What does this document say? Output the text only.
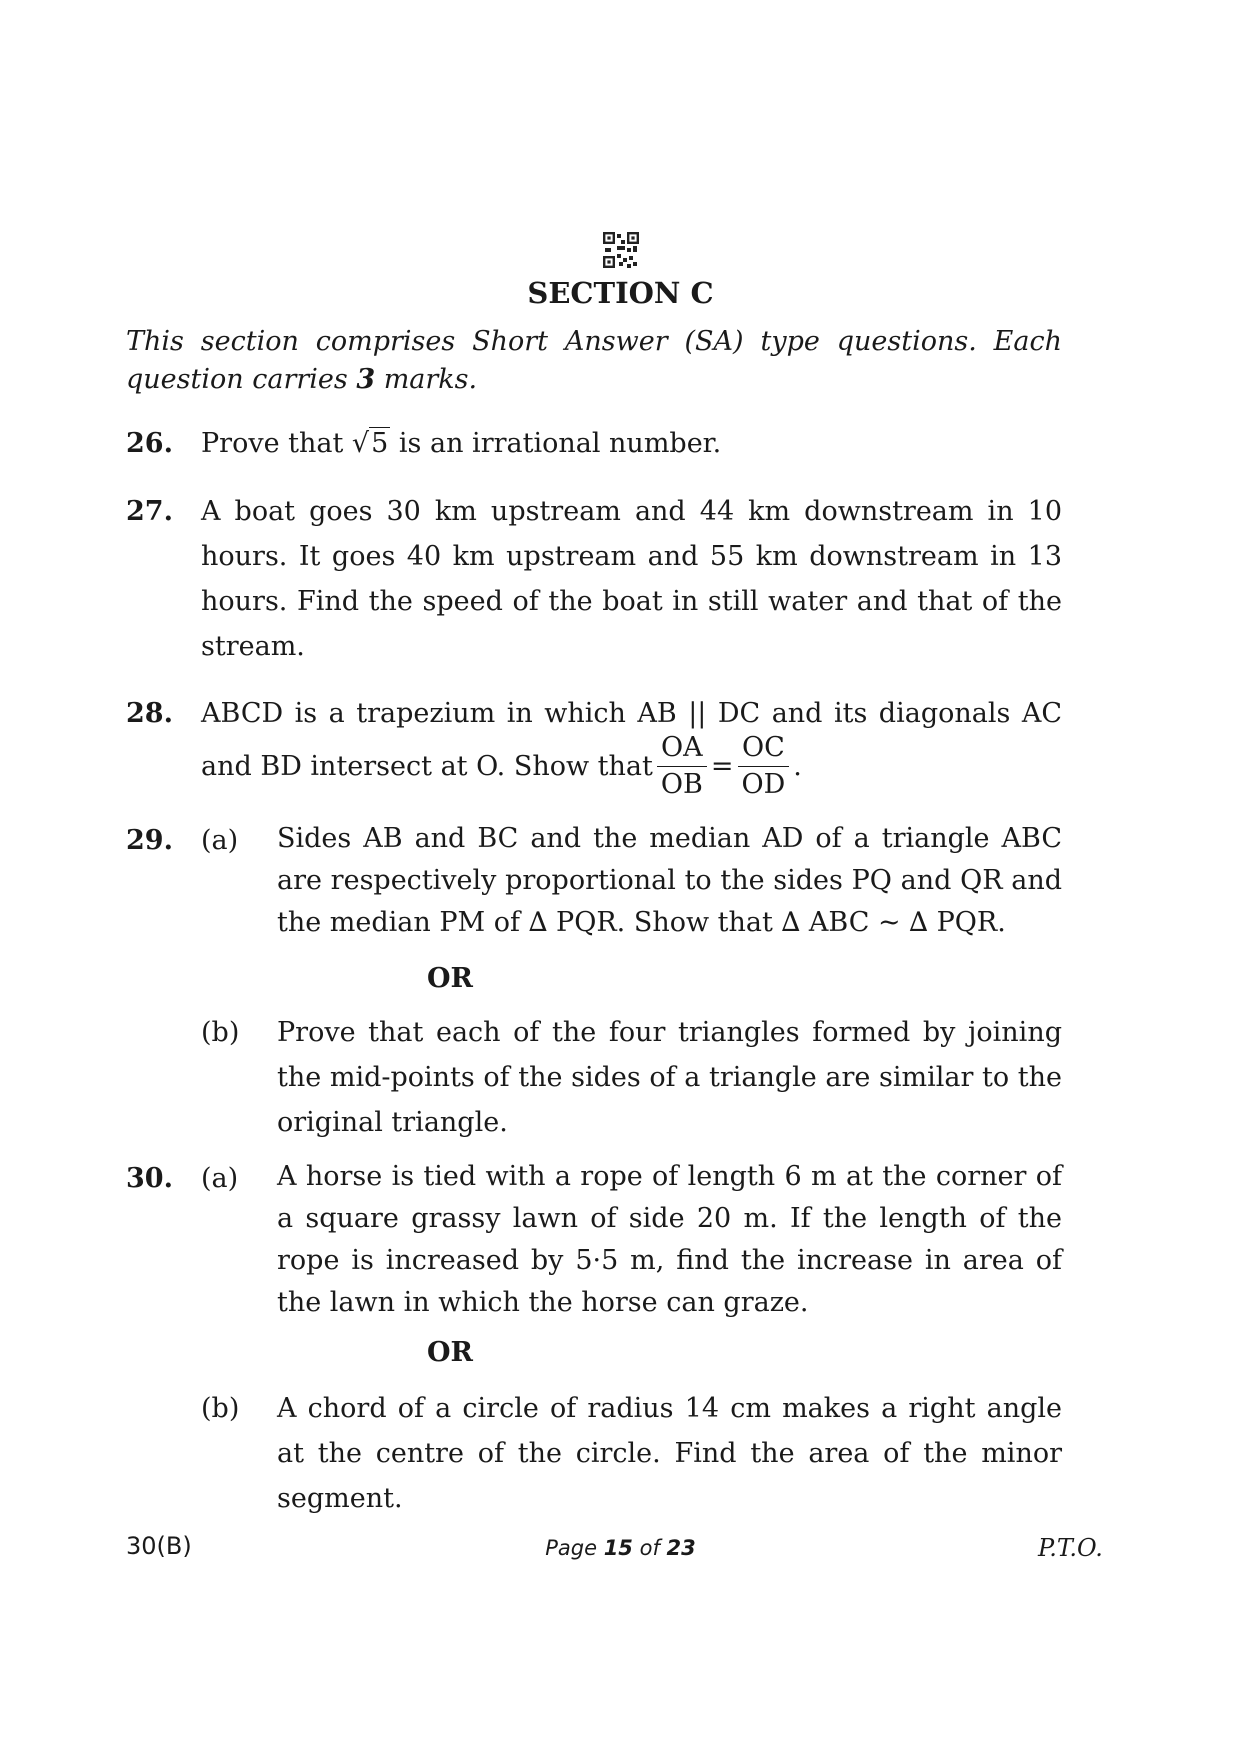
SECTION C
This section comprises Short Answer (SA) type questions. Each question carries 3 marks.
26. Prove that √5 is an irrational number.
27. A boat goes 30 km upstream and 44 km downstream in 10 hours. It goes 40 km upstream and 55 km downstream in 13 hours. Find the speed of the boat in still water and that of the stream.
28. ABCD is a trapezium in which AB || DC and its diagonals AC
and BD intersect at O. Show that $\frac{OA}{OB} = \frac{OC}{OD}$ .
29. (a) Sides AB and BC and the median AD of a triangle ABC are respectively proportional to the sides PQ and QR and the median PM of ∆ PQR. Show that ∆ ABC ~ ∆ PQR.
OR
(b) Prove that each of the four triangles formed by joining the mid-points of the sides of a triangle are similar to the original triangle.
30. (a) A horse is tied with a rope of length 6 m at the corner of a square grassy lawn of side 20 m. If the length of the rope is increased by 5·5 m, find the increase in area of the lawn in which the horse can graze.
OR
(b) A chord of a circle of radius 14 cm makes a right angle at the centre of the circle. Find the area of the minor segment.
30(B)	Page 15 of 23	P.T.O.
